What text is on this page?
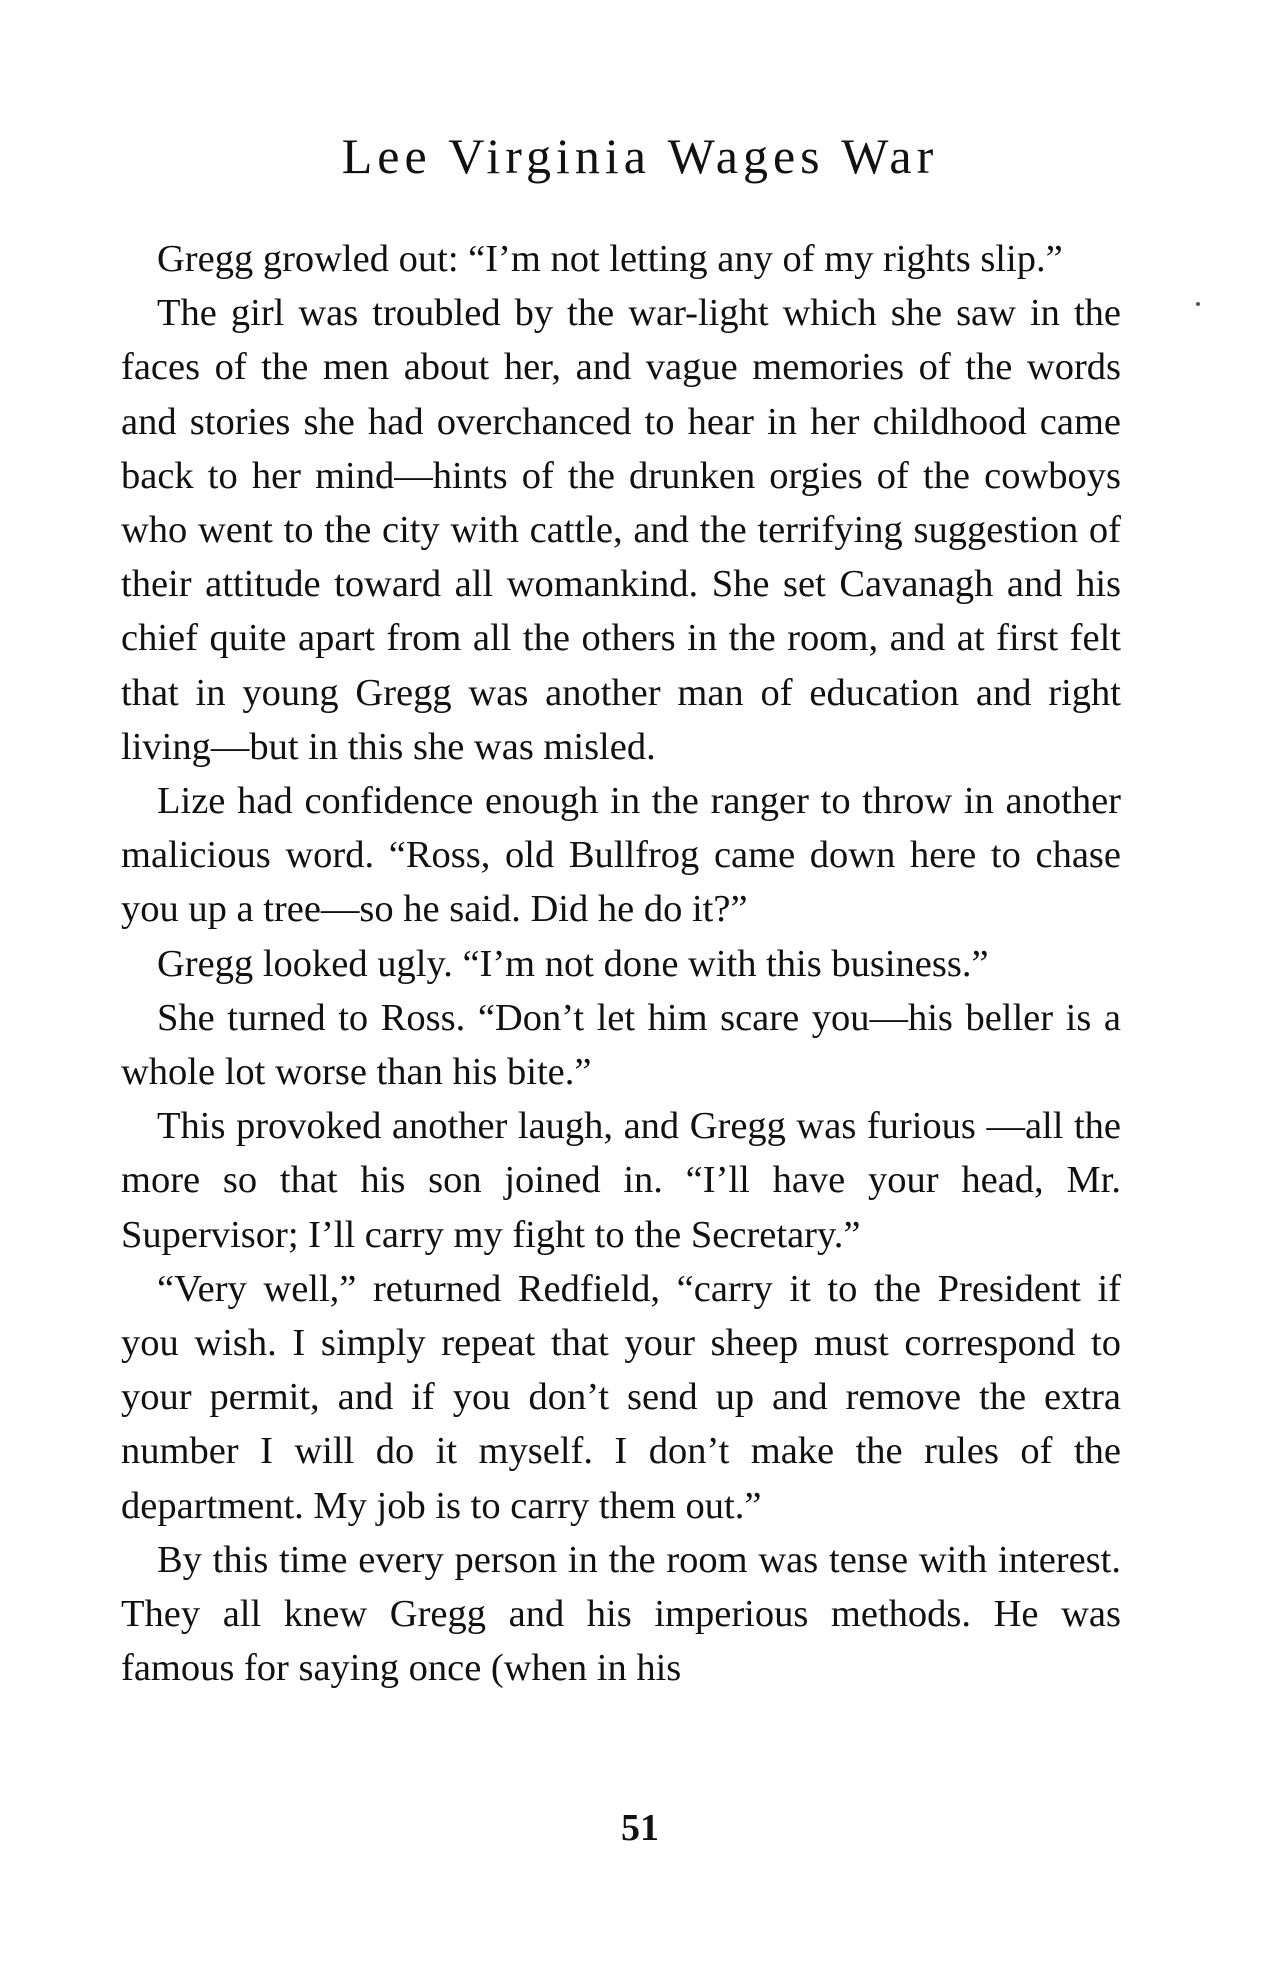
Lee Virginia Wages War

Gregg growled out: “I’m not letting any of my rights slip.”

The girl was troubled by the war-light which she saw in the faces of the men about her, and vague memories of the words and stories she had overchanced to hear in her childhood came back to her mind—hints of the drunken orgies of the cowboys who went to the city with cattle, and the terrifying suggestion of their attitude toward all womankind. She set Cavanagh and his chief quite apart from all the others in the room, and at first felt that in young Gregg was another man of education and right living—but in this she was misled.

Lize had confidence enough in the ranger to throw in another malicious word. “Ross, old Bullfrog came down here to chase you up a tree—so he said. Did he do it?”

Gregg looked ugly. “I’m not done with this business.”

She turned to Ross. “Don’t let him scare you—his beller is a whole lot worse than his bite.”

This provoked another laugh, and Gregg was furious —all the more so that his son joined in. “I’ll have your head, Mr. Supervisor; I’ll carry my fight to the Secretary.”

“Very well,” returned Redfield, “carry it to the President if you wish. I simply repeat that your sheep must correspond to your permit, and if you don’t send up and remove the extra number I will do it myself. I don’t make the rules of the department. My job is to carry them out.”

By this time every person in the room was tense with interest. They all knew Gregg and his imperious methods. He was famous for saying once (when in his

51
